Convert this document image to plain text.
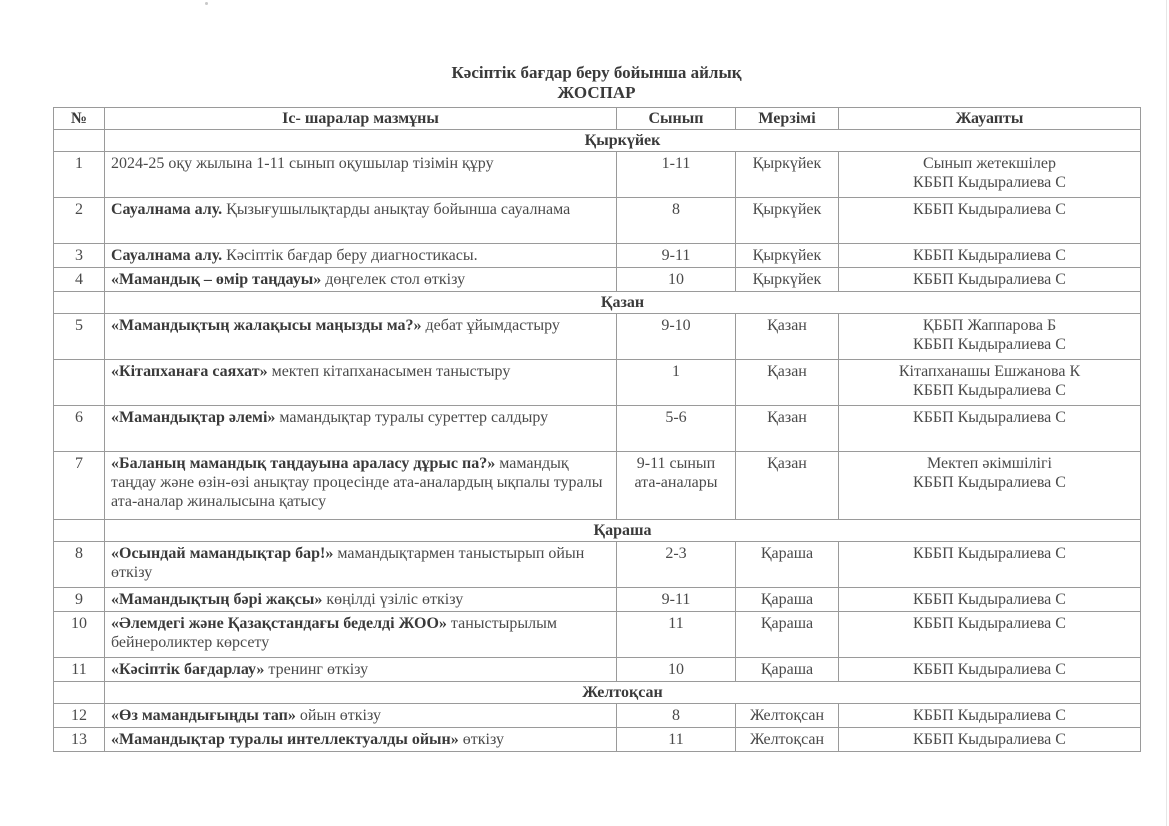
Кәсіптік бағдар беру бойынша айлық
ЖОСПАР
№	Іс- шаралар мазмұны	Сынып	Мерзімі	Жауапты
	Қыркүйек			
1	2024-25 оқу жылына 1-11 сынып оқушылар тізімін құру	1-11	Қыркүйек	Сынып жетекшілер
КББП Кыдыралиева С

2	Сауалнама алу. Қызығушылықтарды анықтау бойынша сауалнама	8	Қыркүйек	КББП Кыдыралиева С

3	Сауалнама алу. Кәсіптік бағдар беру диагностикасы.	9-11	Қыркүйек	КББП Кыдыралиева С

4	«Мамандық – өмір таңдауы» дөңгелек стол өткізу	10	Қыркүйек	КББП Кыдыралиева С

	Қазан			
5	«Мамандықтың жалақысы маңызды ма?» дебат ұйымдастыру	9-10	Қазан	ҚББП Жаппарова Б
КББП Кыдыралиева С

	«Кітапханаға саяхат» мектеп кітапханасымен таныстыру	1	Қазан	Кітапханашы Ешжанова К
КББП Кыдыралиева С

6	«Мамандықтар әлемі» мамандықтар туралы суреттер салдыру	5-6	Қазан	КББП Кыдыралиева С

7	«Баланың мамандық таңдауына араласу дұрыс па?» мамандық таңдау және өзін-өзі анықтау процесінде ата-аналардың ықпалы туралы ата-аналар жиналысына қатысу	9-11 сынып ата-аналары	Қазан	Мектеп әкімшілігі
КББП Кыдыралиева С

	Қараша			
8	«Осындай мамандықтар бар!» мамандықтармен таныстырып ойын өткізу	2-3	Қараша	КББП Кыдыралиева С

9	«Мамандықтың бәрі жақсы» көңілді үзіліс өткізу	9-11	Қараша	КББП Кыдыралиева С

10	«Әлемдегі және Қазақстандағы беделді ЖОО» таныстырылым бейнероликтер көрсету	11	Қараша	КББП Кыдыралиева С

11	«Кәсіптік бағдарлау» тренинг өткізу	10	Қараша	КББП Кыдыралиева С

	Желтоқсан			
12	«Өз мамандығыңды тап» ойын өткізу	8	Желтоқсан	КББП Кыдыралиева С

13	«Мамандықтар туралы интеллектуалды ойын» өткізу	11	Желтоқсан	КББП Кыдыралиева С
